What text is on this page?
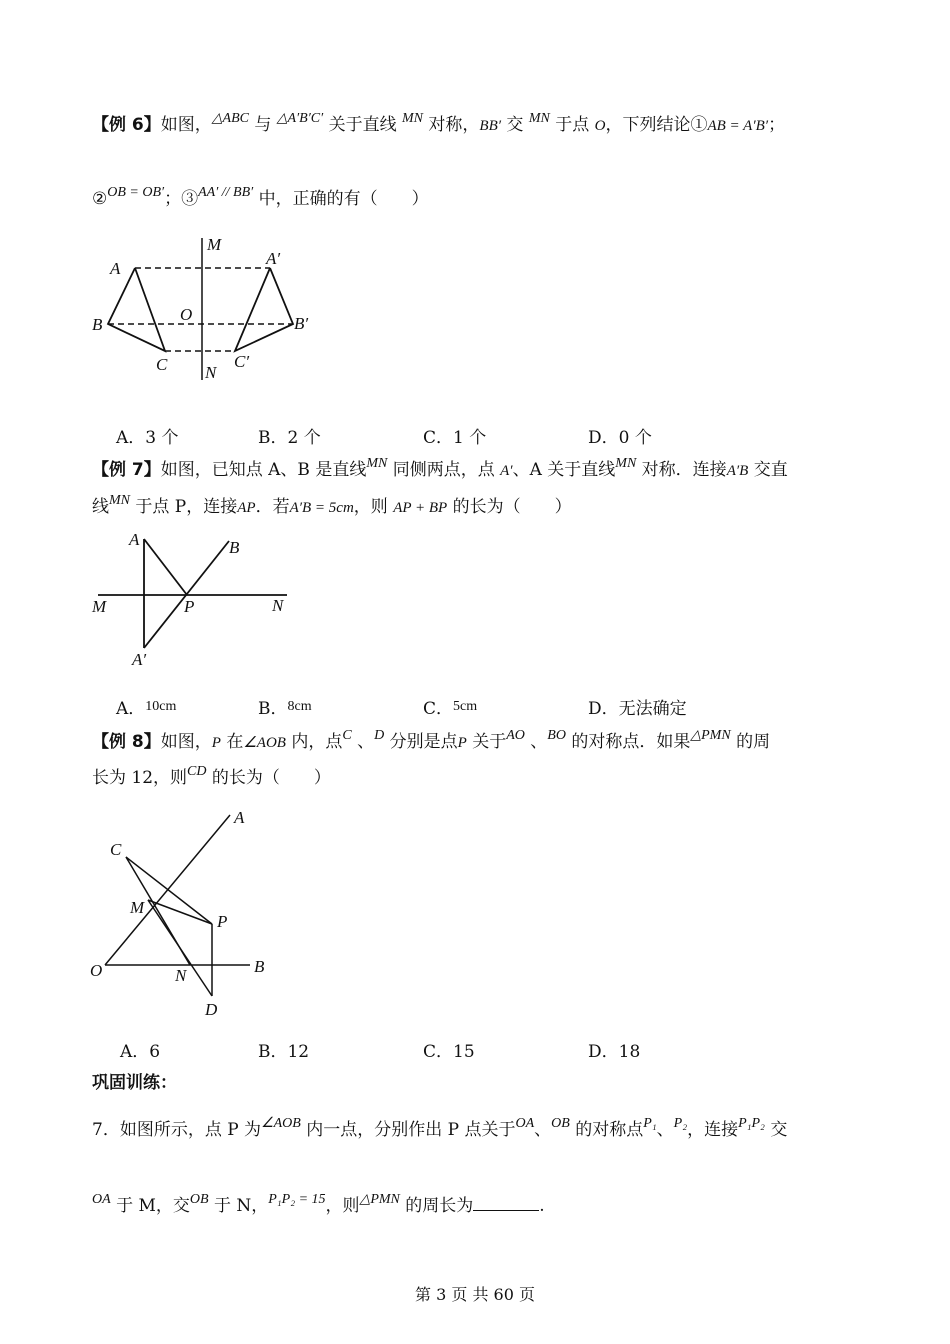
【例 6】如图，$^{\triangle ABC}$ 与 $^{\triangle A'B'C'}$ 关于直线 $^{MN}$ 对称，BB′ 交 $^{MN}$ 于点 O，下列结论①AB = A′B′；
②$^{OB = OB'}$；③$^{AA' // BB'}$ 中，正确的有（　　）
M
A
A′
B
O	B′
C	C′
N
A．3 个	B．2 个	C．1 个	D．0 个
【例 7】如图，已知点 A、B 是直线$^{MN}$ 同侧两点，点 A′、A 关于直线$^{MN}$ 对称．连接A′B 交直
线$^{MN}$ 于点 P，连接AP．若A′B = 5cm，则 AP + BP 的长为（　　）
A	B
M	P	N
A′
A．$^{10cm}$	B．$^{8cm}$	C．$^{5cm}$	D．无法确定
【例 8】如图，P 在∠AOB 内，点$^C$ 、$^D$ 分别是点P 关于$^{AO}$ 、$^{BO}$ 的对称点．如果$^{\triangle PMN}$ 的周
长为 12，则$^{CD}$ 的长为（　　）
A
C
M
P
O	N	B
D
A．6	B．12	C．15	D．18
巩固训练：
7．如图所示，点 P 为$^{\angle AOB}$ 内一点，分别作出 P 点关于$^{OA}$、$^{OB}$ 的对称点$^{P_1}$、$^{P_2}$，连接$^{P_1P_2}$ 交
$^{OA}$ 于 M，交$^{OB}$ 于 N，$^{P_1P_2 = 15}$，则$^{\triangle PMN}$ 的周长为	.
第 3 页 共 60 页
